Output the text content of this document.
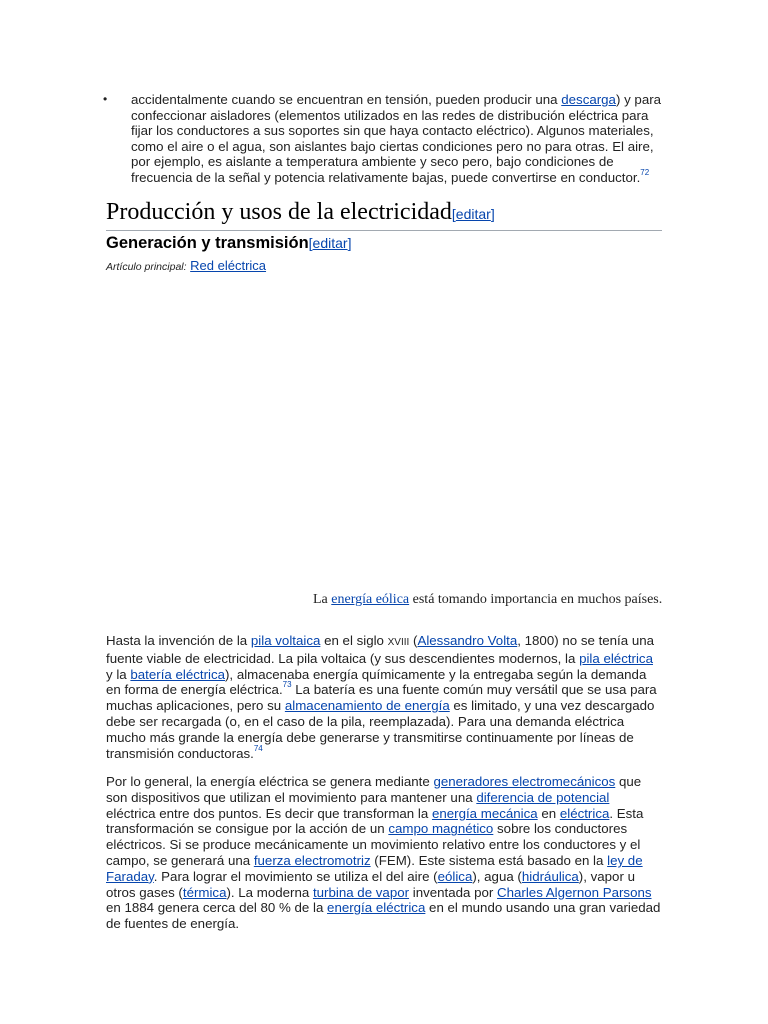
• accidentalmente cuando se encuentran en tensión, pueden producir una descarga) y para confeccionar aisladores (elementos utilizados en las redes de distribución eléctrica para fijar los conductores a sus soportes sin que haya contacto eléctrico). Algunos materiales, como el aire o el agua, son aislantes bajo ciertas condiciones pero no para otras. El aire, por ejemplo, es aislante a temperatura ambiente y seco pero, bajo condiciones de frecuencia de la señal y potencia relativamente bajas, puede convertirse en conductor.$^{72}$
Producción y usos de la electricidad[editar]
Generación y transmisión[editar]
Artículo principal: Red eléctrica
La energía eólica está tomando importancia en muchos países.
Hasta la invención de la pila voltaica en el siglo XVIII (Alessandro Volta, 1800) no se tenía una fuente viable de electricidad. La pila voltaica (y sus descendientes modernos, la pila eléctrica y la batería eléctrica), almacenaba energía químicamente y la entregaba según la demanda en forma de energía eléctrica.$^{73}$ La batería es una fuente común muy versátil que se usa para muchas aplicaciones, pero su almacenamiento de energía es limitado, y una vez descargado debe ser recargada (o, en el caso de la pila, reemplazada). Para una demanda eléctrica mucho más grande la energía debe generarse y transmitirse continuamente por líneas de transmisión conductoras.$^{74}$
Por lo general, la energía eléctrica se genera mediante generadores electromecánicos que son dispositivos que utilizan el movimiento para mantener una diferencia de potencial eléctrica entre dos puntos. Es decir que transforman la energía mecánica en eléctrica. Esta transformación se consigue por la acción de un campo magnético sobre los conductores eléctricos. Si se produce mecánicamente un movimiento relativo entre los conductores y el campo, se generará una fuerza electromotriz (FEM). Este sistema está basado en la ley de Faraday. Para lograr el movimiento se utiliza el del aire (eólica), agua (hidráulica), vapor u otros gases (térmica). La moderna turbina de vapor inventada por Charles Algernon Parsons en 1884 genera cerca del 80 % de la energía eléctrica en el mundo usando una gran variedad de fuentes de energía.
